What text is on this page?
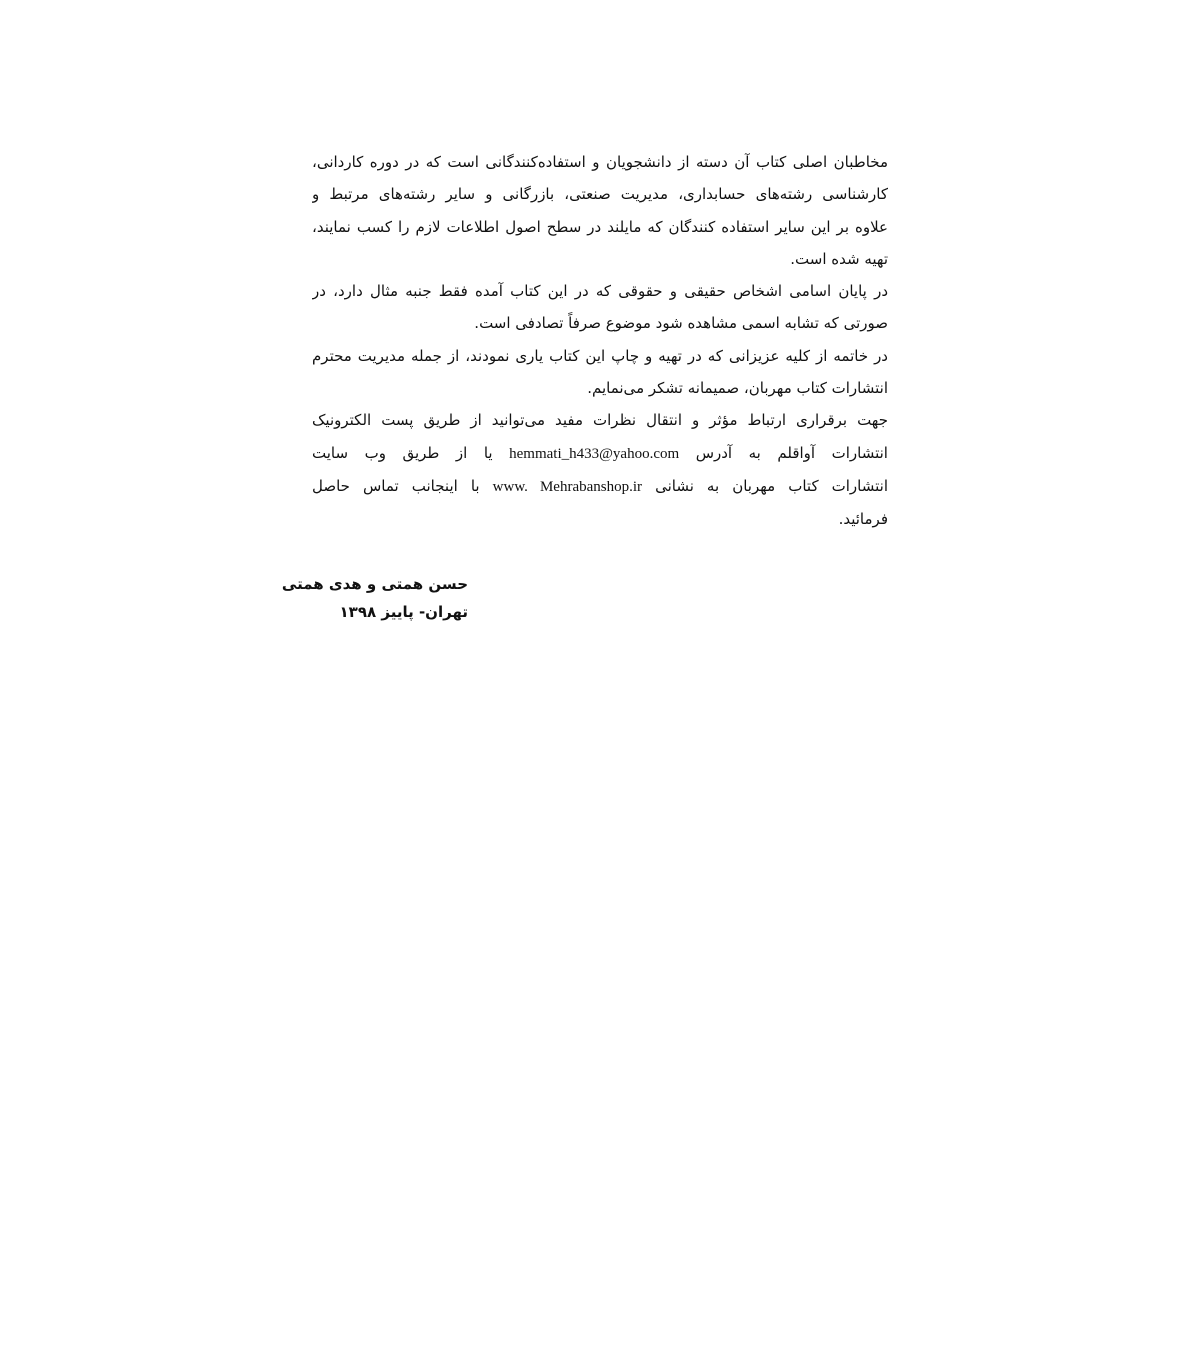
مخاطبان اصلی کتاب آن دسته از دانشجویان و استفاده‌کنندگانی است که در دوره کاردانی،
کارشناسی رشته‌های حسابداری، مدیریت صنعتی، بازرگانی و سایر رشته‌های مرتبط و
علاوه بر این سایر استفاده کنندگان که مایلند در سطح اصول اطلاعات لازم را کسب نمایند،
تهیه شده است.
در پایان اسامی اشخاص حقیقی و حقوقی که در این کتاب آمده فقط جنبه مثال دارد، در
صورتی که تشابه اسمی مشاهده شود موضوع صرفاً تصادفی است.
در خاتمه از کلیه عزیزانی که در تهیه و چاپ این کتاب یاری نمودند، از جمله مدیریت محترم
انتشارات کتاب مهربان، صمیمانه تشکر می‌نمایم.
جهت برقراری ارتباط مؤثر و انتقال نظرات مفید می‌توانید از طریق پست الکترونیک
انتشارات آواقلم به آدرس hemmati_h433@yahoo.com یا از طریق وب سایت
انتشارات کتاب مهربان به نشانی www. Mehrabanshop.ir با اینجانب تماس حاصل
فرمائید.
حسن همتی و هدی همتی
تهران- پاییز ۱۳۹۸
